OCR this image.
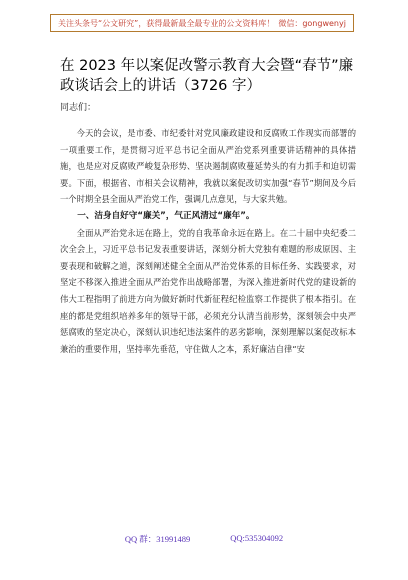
关注头条号“公文研究”，获得最新最全最专业的公文资料库！ 微信：gongwenyj
在 2023 年以案促改警示教育大会暨“春节”廉政谈话会上的讲话（3726 字）
同志们：

今天的会议，是市委、市纪委针对党风廉政建设和反腐败工作现实而部署的一项重要工作，是贯彻习近平总书记全面从严治党系列重要讲话精神的具体措施，也是应对反腐败严峻复杂形势、坚决遏制腐败蔓延势头的有力抓手和迫切需要。下面，根据省、市相关会议精神，我就以案促改切实加强“春节”期间及今后一个时期全县全面从严治党工作，强调几点意见，与大家共勉。

一、洁身自好守“廉关”，气正风清过“廉年”。

全面从严治党永远在路上，党的自我革命永远在路上。在二十届中央纪委二次全会上，习近平总书记发表重要讲话，深刻分析大党独有难题的形成原因、主要表现和破解之道，深刻阐述健全全面从严治党体系的目标任务、实践要求，对坚定不移深入推进全面从严治党作出战略部署，为深入推进新时代党的建设新的伟大工程指明了前进方向为做好新时代新征程纪检监察工作提供了根本指引。在座的都是党组织培养多年的领导干部，必须充分认清当前形势，深刻领会中央严惩腐败的坚定决心，深刻认识违纪违法案件的恶劣影响，深刻理解以案促改标本兼治的重要作用，坚持率先垂范，守住做人之本，系好廉洁自律“安

QQ 群：31991489	QQ:535304092
